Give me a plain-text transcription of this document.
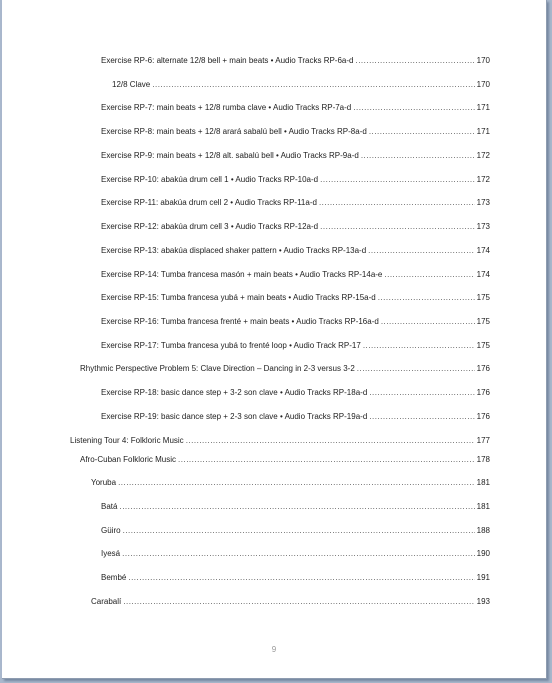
Exercise RP-6: alternate 12/8 bell + main beats • Audio Tracks RP-6a-d .....	170
12/8 Clave .....	170
Exercise RP-7: main beats + 12/8 rumba clave • Audio Tracks RP-7a-d .....	171
Exercise RP-8: main beats + 12/8 arará sabalú bell • Audio Tracks RP-8a-d .....	171
Exercise RP-9: main beats + 12/8 alt. sabalú bell • Audio Tracks RP-9a-d .....	172
Exercise RP-10: abakúa drum cell 1 • Audio Tracks RP-10a-d .....	172
Exercise RP-11: abakúa drum cell 2 • Audio Tracks RP-11a-d .....	173
Exercise RP-12: abakúa drum cell 3 • Audio Tracks RP-12a-d .....	173
Exercise RP-13: abakúa displaced shaker pattern • Audio Tracks RP-13a-d .....	174
Exercise RP-14: Tumba francesa masón + main beats • Audio Tracks RP-14a-e .....	174
Exercise RP-15: Tumba francesa yubá + main beats • Audio Tracks RP-15a-d .....	175
Exercise RP-16: Tumba francesa frenté + main beats • Audio Tracks RP-16a-d .....	175
Exercise RP-17: Tumba francesa yubá to frenté loop • Audio Track RP-17 .....	175
Rhythmic Perspective Problem 5: Clave Direction – Dancing in 2-3 versus 3-2 .....	176
Exercise RP-18: basic dance step + 3-2 son clave • Audio Tracks RP-18a-d .....	176
Exercise RP-19: basic dance step + 2-3 son clave • Audio Tracks RP-19a-d .....	176
Listening Tour 4: Folkloric Music .....	177
Afro-Cuban Folkloric Music .....	178
Yoruba .....	181
Batá .....	181
Güiro .....	188
Iyesá .....	190
Bembé .....	191
Carabalí .....	193
9
